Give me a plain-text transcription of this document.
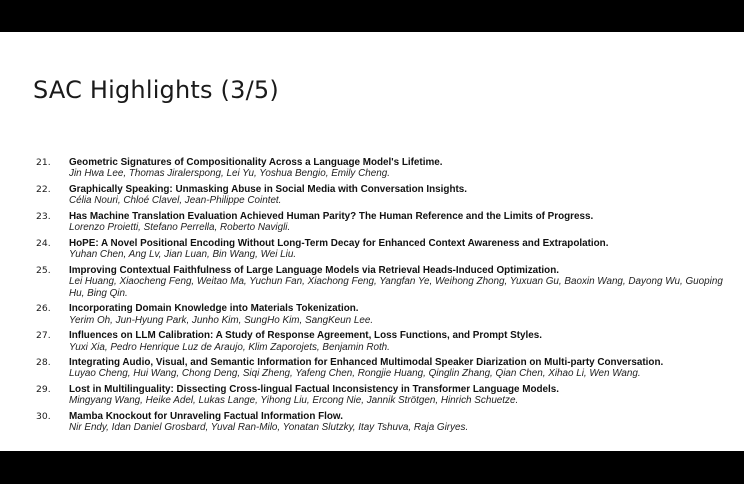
SAC Highlights (3/5)
21.	Geometric Signatures of Compositionality Across a Language Model's Lifetime.
Jin Hwa Lee, Thomas Jiralerspong, Lei Yu, Yoshua Bengio, Emily Cheng.
22.	Graphically Speaking: Unmasking Abuse in Social Media with Conversation Insights.
Célia Nouri, Chloé Clavel, Jean-Philippe Cointet.
23.	Has Machine Translation Evaluation Achieved Human Parity? The Human Reference and the Limits of Progress.
Lorenzo Proietti, Stefano Perrella, Roberto Navigli.
24.	HoPE: A Novel Positional Encoding Without Long-Term Decay for Enhanced Context Awareness and Extrapolation.
Yuhan Chen, Ang Lv, Jian Luan, Bin Wang, Wei Liu.
25.	Improving Contextual Faithfulness of Large Language Models via Retrieval Heads-Induced Optimization.
Lei Huang, Xiaocheng Feng, Weitao Ma, Yuchun Fan, Xiachong Feng, Yangfan Ye, Weihong Zhong, Yuxuan Gu, Baoxin Wang, Dayong Wu, Guoping Hu, Bing Qin.
26.	Incorporating Domain Knowledge into Materials Tokenization.
Yerim Oh, Jun-Hyung Park, Junho Kim, SungHo Kim, SangKeun Lee.
27.	Influences on LLM Calibration: A Study of Response Agreement, Loss Functions, and Prompt Styles.
Yuxi Xia, Pedro Henrique Luz de Araujo, Klim Zaporojets, Benjamin Roth.
28.	Integrating Audio, Visual, and Semantic Information for Enhanced Multimodal Speaker Diarization on Multi-party Conversation.
Luyao Cheng, Hui Wang, Chong Deng, Siqi Zheng, Yafeng Chen, Rongjie Huang, Qinglin Zhang, Qian Chen, Xihao Li, Wen Wang.
29.	Lost in Multilinguality: Dissecting Cross-lingual Factual Inconsistency in Transformer Language Models.
Mingyang Wang, Heike Adel, Lukas Lange, Yihong Liu, Ercong Nie, Jannik Strötgen, Hinrich Schuetze.
30.	Mamba Knockout for Unraveling Factual Information Flow.
Nir Endy, Idan Daniel Grosbard, Yuval Ran-Milo, Yonatan Slutzky, Itay Tshuva, Raja Giryes.
